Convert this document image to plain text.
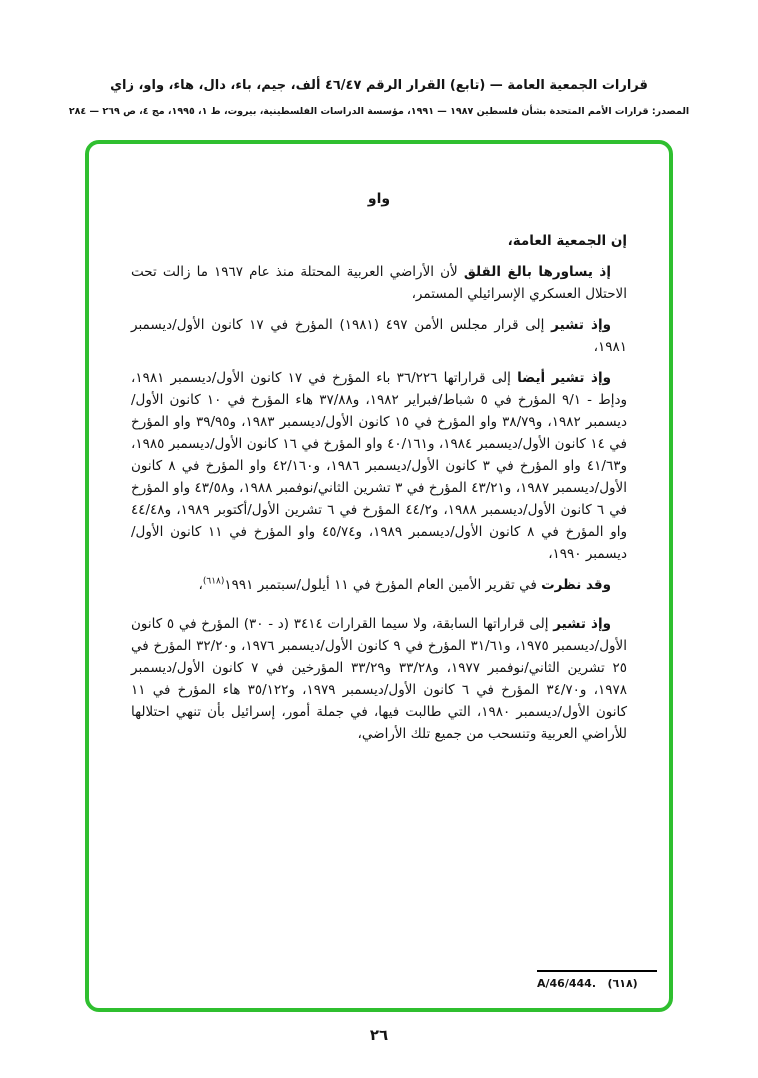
قرارات الجمعية العامة — (تابع) القرار الرقم ٤٦/٤٧ ألف، جيم، باء، دال، هاء، واو، زاي
المصدر: قرارات الأمم المتحدة بشأن فلسطين ١٩٨٧ — ١٩٩١، مؤسسة الدراسات الفلسطينية، بيروت، ط ١، ١٩٩٥، مج ٤، ص ٢٦٩ — ٢٨٤
واو

إن الجمعية العامة،

إذ يساورها بالغ القلق لأن الأراضي العربية المحتلة منذ عام ١٩٦٧ ما زالت تحت الاحتلال العسكري الإسرائيلي المستمر،

وإذ تشير إلى قرار مجلس الأمن ٤٩٧ (١٩٨١) المؤرخ في ١٧ كانون الأول/ديسمبر ١٩٨١،

وإذ تشير أيضا إلى قراراتها ٣٦/٢٢٦ باء المؤرخ في ١٧ كانون الأول/ديسمبر ١٩٨١، ودإط - ٩/١ المؤرخ في ٥ شباط/فبراير ١٩٨٢، و٣٧/٨٨ هاء المؤرخ في ١٠ كانون الأول/ديسمبر ١٩٨٢، و٣٨/٧٩ واو المؤرخ في ١٥ كانون الأول/ديسمبر ١٩٨٣، و٣٩/٩٥ واو المؤرخ في ١٤ كانون الأول/ديسمبر ١٩٨٤، و٤٠/١٦١ واو المؤرخ في ١٦ كانون الأول/ديسمبر ١٩٨٥، و٤١/٦٣ واو المؤرخ في ٣ كانون الأول/ديسمبر ١٩٨٦، و٤٢/١٦٠ واو المؤرخ في ٨ كانون الأول/ديسمبر ١٩٨٧، و٤٣/٢١ المؤرخ في ٣ تشرين الثاني/نوفمبر ١٩٨٨، و٤٣/٥٨ واو المؤرخ في ٦ كانون الأول/ديسمبر ١٩٨٨، و٤٤/٢ المؤرخ في ٦ تشرين الأول/أكتوبر ١٩٨٩، و٤٤/٤٨ واو المؤرخ في ٨ كانون الأول/ديسمبر ١٩٨٩، و٤٥/٧٤ واو المؤرخ في ١١ كانون الأول/ديسمبر ١٩٩٠،

وقد نظرت في تقرير الأمين العام المؤرخ في ١١ أيلول/سبتمبر ١٩٩١$^{(٦١٨)}$،

وإذ تشير إلى قراراتها السابقة، ولا سيما القرارات ٣٤١٤ (د - ٣٠) المؤرخ في ٥ كانون الأول/ديسمبر ١٩٧٥، و٣١/٦١ المؤرخ في ٩ كانون الأول/ديسمبر ١٩٧٦، و٣٢/٢٠ المؤرخ في ٢٥ تشرين الثاني/نوفمبر ١٩٧٧، و٣٣/٢٨ و٣٣/٢٩ المؤرخين في ٧ كانون الأول/ديسمبر ١٩٧٨، و٣٤/٧٠ المؤرخ في ٦ كانون الأول/ديسمبر ١٩٧٩، و٣٥/١٢٢ هاء المؤرخ في ١١ كانون الأول/ديسمبر ١٩٨٠، التي طالبت فيها، في جملة أمور، إسرائيل بأن تنهي احتلالها للأراضي العربية وتنسحب من جميع تلك الأراضي،

A/46/444.   (٦١٨)
٢٦
